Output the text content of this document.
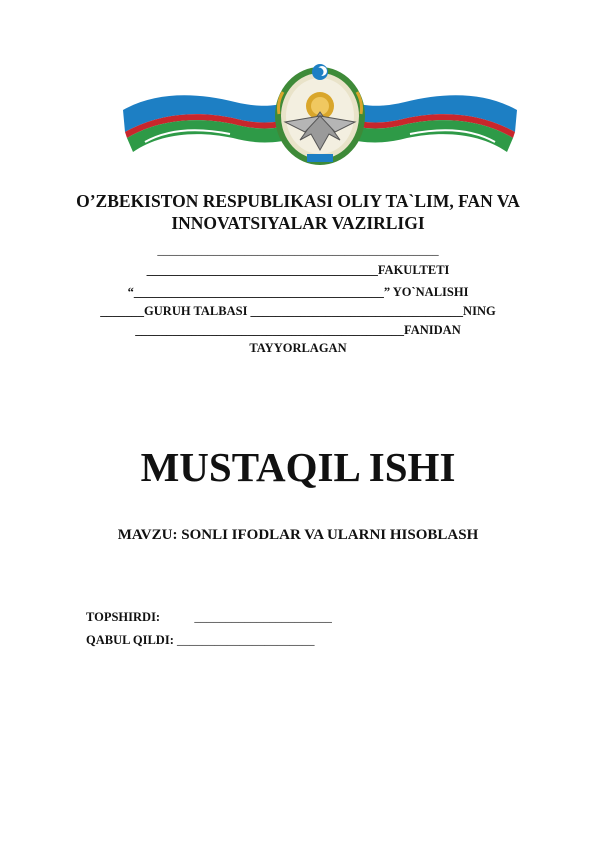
O’ZBEKISTON RESPUBLIKASI OLIY TA`LIM, FAN VA
INNOVATSIYALAR VAZIRLIGI
_____________________________________________
_____________________________________FAKULTETI
“________________________________________” YO`NALISHI
_______GURUH TALBASI __________________________________NING
___________________________________________FANIDAN
TAYYORLAGAN
MUSTAQIL ISHI
MAVZU: SONLI IFODLAR VA ULARNI HISOBLASH
TOPSHIRDI:	______________________
QABUL QILDI: ______________________
